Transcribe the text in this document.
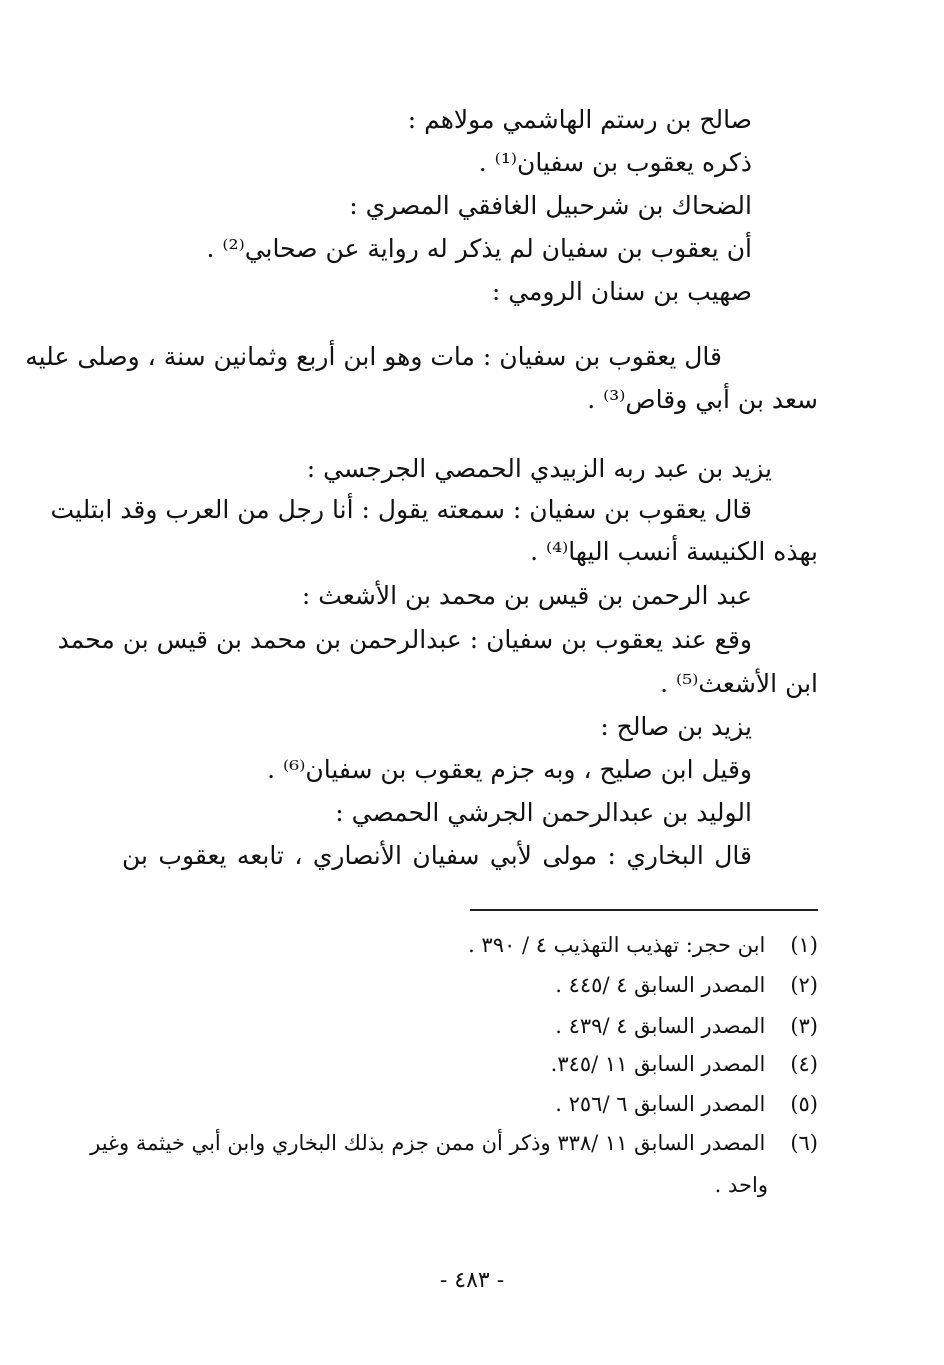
صالح بن رستم الهاشمي مولاهم :
ذكره يعقوب بن سفيان⁽¹⁾ .
الضحاك بن شرحبيل الغافقي المصري :
أن يعقوب بن سفيان لم يذكر له رواية عن صحابي⁽²⁾ .
صهيب بن سنان الرومي :
قال يعقوب بن سفيان : مات وهو ابن أربع وثمانين سنة ، وصلى عليه
سعد بن أبي وقاص⁽³⁾ .
يزيد بن عبد ربه الزبيدي الحمصي الجرجسي :
قال يعقوب بن سفيان : سمعته يقول : أنا رجل من العرب وقد ابتليت
بهذه الكنيسة أنسب اليها⁽⁴⁾ .
عبد الرحمن بن قيس بن محمد بن الأشعث :
وقع عند يعقوب بن سفيان : عبدالرحمن بن محمد بن قيس بن محمد
ابن الأشعث⁽⁵⁾ .
يزيد بن صالح :
وقيل ابن صليح ، وبه جزم يعقوب بن سفيان⁽⁶⁾ .
الوليد بن عبدالرحمن الجرشي الحمصي :
قال البخاري : مولى لأبي سفيان الأنصاري ، تابعه يعقوب بن
(١) ابن حجر: تهذيب التهذيب ٤ / ٣٩٠ .
(٢) المصدر السابق ٤ /٤٤٥ .
(٣) المصدر السابق ٤ /٤٣٩ .
(٤) المصدر السابق ١١ /٣٤٥.
(٥) المصدر السابق ٦ /٢٥٦ .
(٦) المصدر السابق ١١ /٣٣٨ وذكر أن ممن جزم بذلك البخاري وابن أبي خيثمة وغير
واحد .
- ٤٨٣ -
